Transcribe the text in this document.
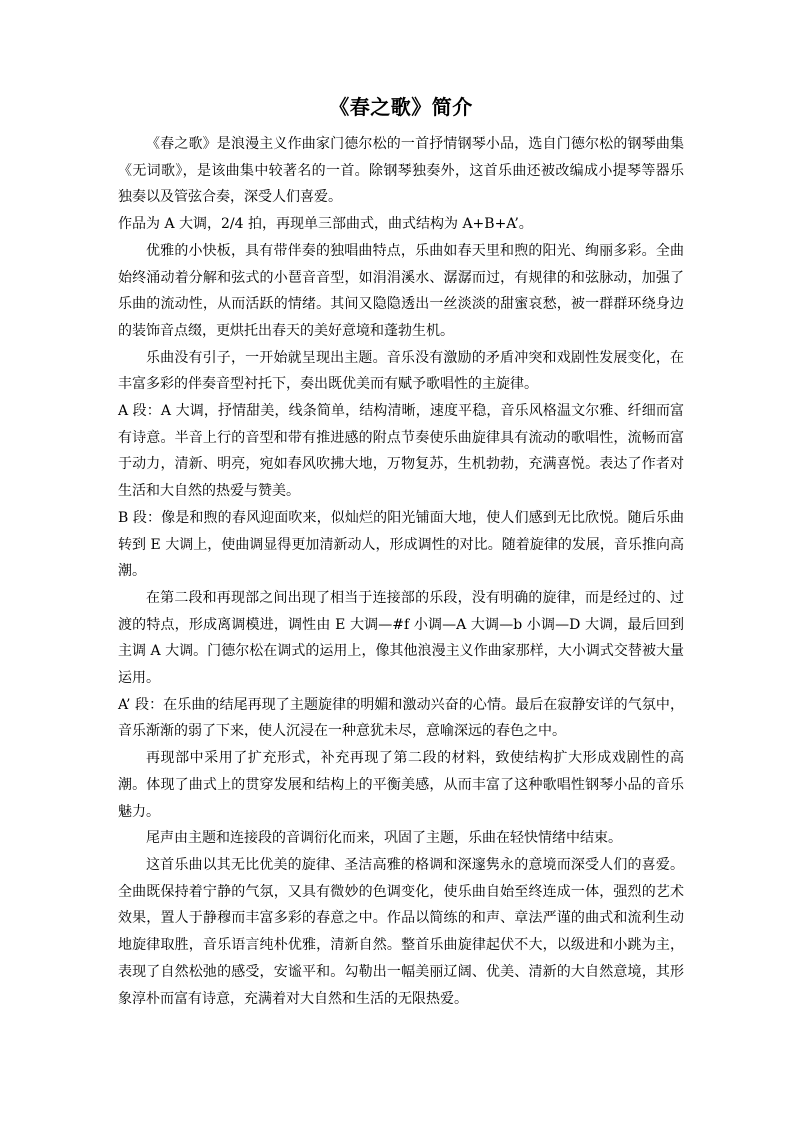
《春之歌》简介

《春之歌》是浪漫主义作曲家门德尔松的一首抒情钢琴小品，选自门德尔松的钢琴曲集《无词歌》，是该曲集中较著名的一首。除钢琴独奏外，这首乐曲还被改编成小提琴等器乐独奏以及管弦合奏，深受人们喜爱。

作品为 A 大调，2/4 拍，再现单三部曲式，曲式结构为 A+B+A’。

优雅的小快板，具有带伴奏的独唱曲特点，乐曲如春天里和煦的阳光、绚丽多彩。全曲始终涌动着分解和弦式的小琶音音型，如涓涓溪水、潺潺而过，有规律的和弦脉动，加强了乐曲的流动性，从而活跃的情绪。其间又隐隐透出一丝淡淡的甜蜜哀愁，被一群群环绕身边的装饰音点缀，更烘托出春天的美好意境和蓬勃生机。

乐曲没有引子，一开始就呈现出主题。音乐没有激励的矛盾冲突和戏剧性发展变化，在丰富多彩的伴奏音型衬托下，奏出既优美而有赋予歌唱性的主旋律。

A 段：A 大调，抒情甜美，线条简单，结构清晰，速度平稳，音乐风格温文尔雅、纤细而富有诗意。半音上行的音型和带有推进感的附点节奏使乐曲旋律具有流动的歌唱性，流畅而富于动力，清新、明亮，宛如春风吹拂大地，万物复苏，生机勃勃，充满喜悦。表达了作者对生活和大自然的热爱与赞美。

B 段：像是和煦的春风迎面吹来，似灿烂的阳光铺面大地，使人们感到无比欣悦。随后乐曲转到 E 大调上，使曲调显得更加清新动人，形成调性的对比。随着旋律的发展，音乐推向高潮。

在第二段和再现部之间出现了相当于连接部的乐段，没有明确的旋律，而是经过的、过渡的特点，形成离调模进，调性由 E 大调—#f 小调—A 大调—b 小调—D 大调，最后回到主调 A 大调。门德尔松在调式的运用上，像其他浪漫主义作曲家那样，大小调式交替被大量运用。

A’ 段：在乐曲的结尾再现了主题旋律的明媚和激动兴奋的心情。最后在寂静安详的气氛中，音乐渐渐的弱了下来，使人沉浸在一种意犹未尽，意喻深远的春色之中。

再现部中采用了扩充形式，补充再现了第二段的材料，致使结构扩大形成戏剧性的高潮。体现了曲式上的贯穿发展和结构上的平衡美感，从而丰富了这种歌唱性钢琴小品的音乐魅力。

尾声由主题和连接段的音调衍化而来，巩固了主题，乐曲在轻快情绪中结束。

这首乐曲以其无比优美的旋律、圣洁高雅的格调和深邃隽永的意境而深受人们的喜爱。全曲既保持着宁静的气氛，又具有微妙的色调变化，使乐曲自始至终连成一体，强烈的艺术效果，置人于静穆而丰富多彩的春意之中。作品以简练的和声、章法严谨的曲式和流利生动地旋律取胜，音乐语言纯朴优雅，清新自然。整首乐曲旋律起伏不大，以级进和小跳为主，表现了自然松弛的感受，安谧平和。勾勒出一幅美丽辽阔、优美、清新的大自然意境，其形象淳朴而富有诗意，充满着对大自然和生活的无限热爱。
